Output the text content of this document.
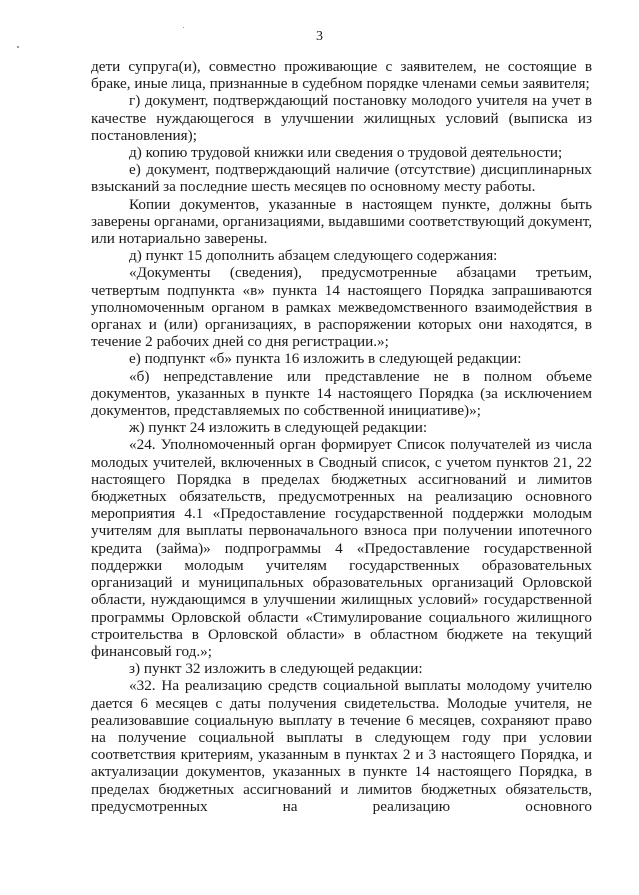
3

дети супруга(и), совместно проживающие с заявителем, не состоящие в браке, иные лица, признанные в судебном порядке членами семьи заявителя;

г) документ, подтверждающий постановку молодого учителя на учет в качестве нуждающегося в улучшении жилищных условий (выписка из постановления);

д) копию трудовой книжки или сведения о трудовой деятельности;

е) документ, подтверждающий наличие (отсутствие) дисциплинарных взысканий за последние шесть месяцев по основному месту работы.

Копии документов, указанные в настоящем пункте, должны быть заверены органами, организациями, выдавшими соответствующий документ, или нотариально заверены.

д) пункт 15 дополнить абзацем следующего содержания:

«Документы (сведения), предусмотренные абзацами третьим, четвертым подпункта «в» пункта 14 настоящего Порядка запрашиваются уполномоченным органом в рамках межведомственного взаимодействия в органах и (или) организациях, в распоряжении которых они находятся, в течение 2 рабочих дней со дня регистрации.»;

е) подпункт «б» пункта 16 изложить в следующей редакции:

«б) непредставление или представление не в полном объеме документов, указанных в пункте 14 настоящего Порядка (за исключением документов, представляемых по собственной инициативе)»;

ж) пункт 24 изложить в следующей редакции:

«24. Уполномоченный орган формирует Список получателей из числа молодых учителей, включенных в Сводный список, с учетом пунктов 21, 22 настоящего Порядка в пределах бюджетных ассигнований и лимитов бюджетных обязательств, предусмотренных на реализацию основного мероприятия 4.1 «Предоставление государственной поддержки молодым учителям для выплаты первоначального взноса при получении ипотечного кредита (займа)» подпрограммы 4 «Предоставление государственной поддержки молодым учителям государственных образовательных организаций и муниципальных образовательных организаций Орловской области, нуждающимся в улучшении жилищных условий» государственной программы Орловской области «Стимулирование социального жилищного строительства в Орловской области» в областном бюджете на текущий финансовый год.»;

з) пункт 32 изложить в следующей редакции:

«32. На реализацию средств социальной выплаты молодому учителю дается 6 месяцев с даты получения свидетельства. Молодые учителя, не реализовавшие социальную выплату в течение 6 месяцев, сохраняют право на получение социальной выплаты в следующем году при условии соответствия критериям, указанным в пунктах 2 и 3 настоящего Порядка, и актуализации документов, указанных в пункте 14 настоящего Порядка, в пределах бюджетных ассигнований и лимитов бюджетных обязательств, предусмотренных на реализацию основного
